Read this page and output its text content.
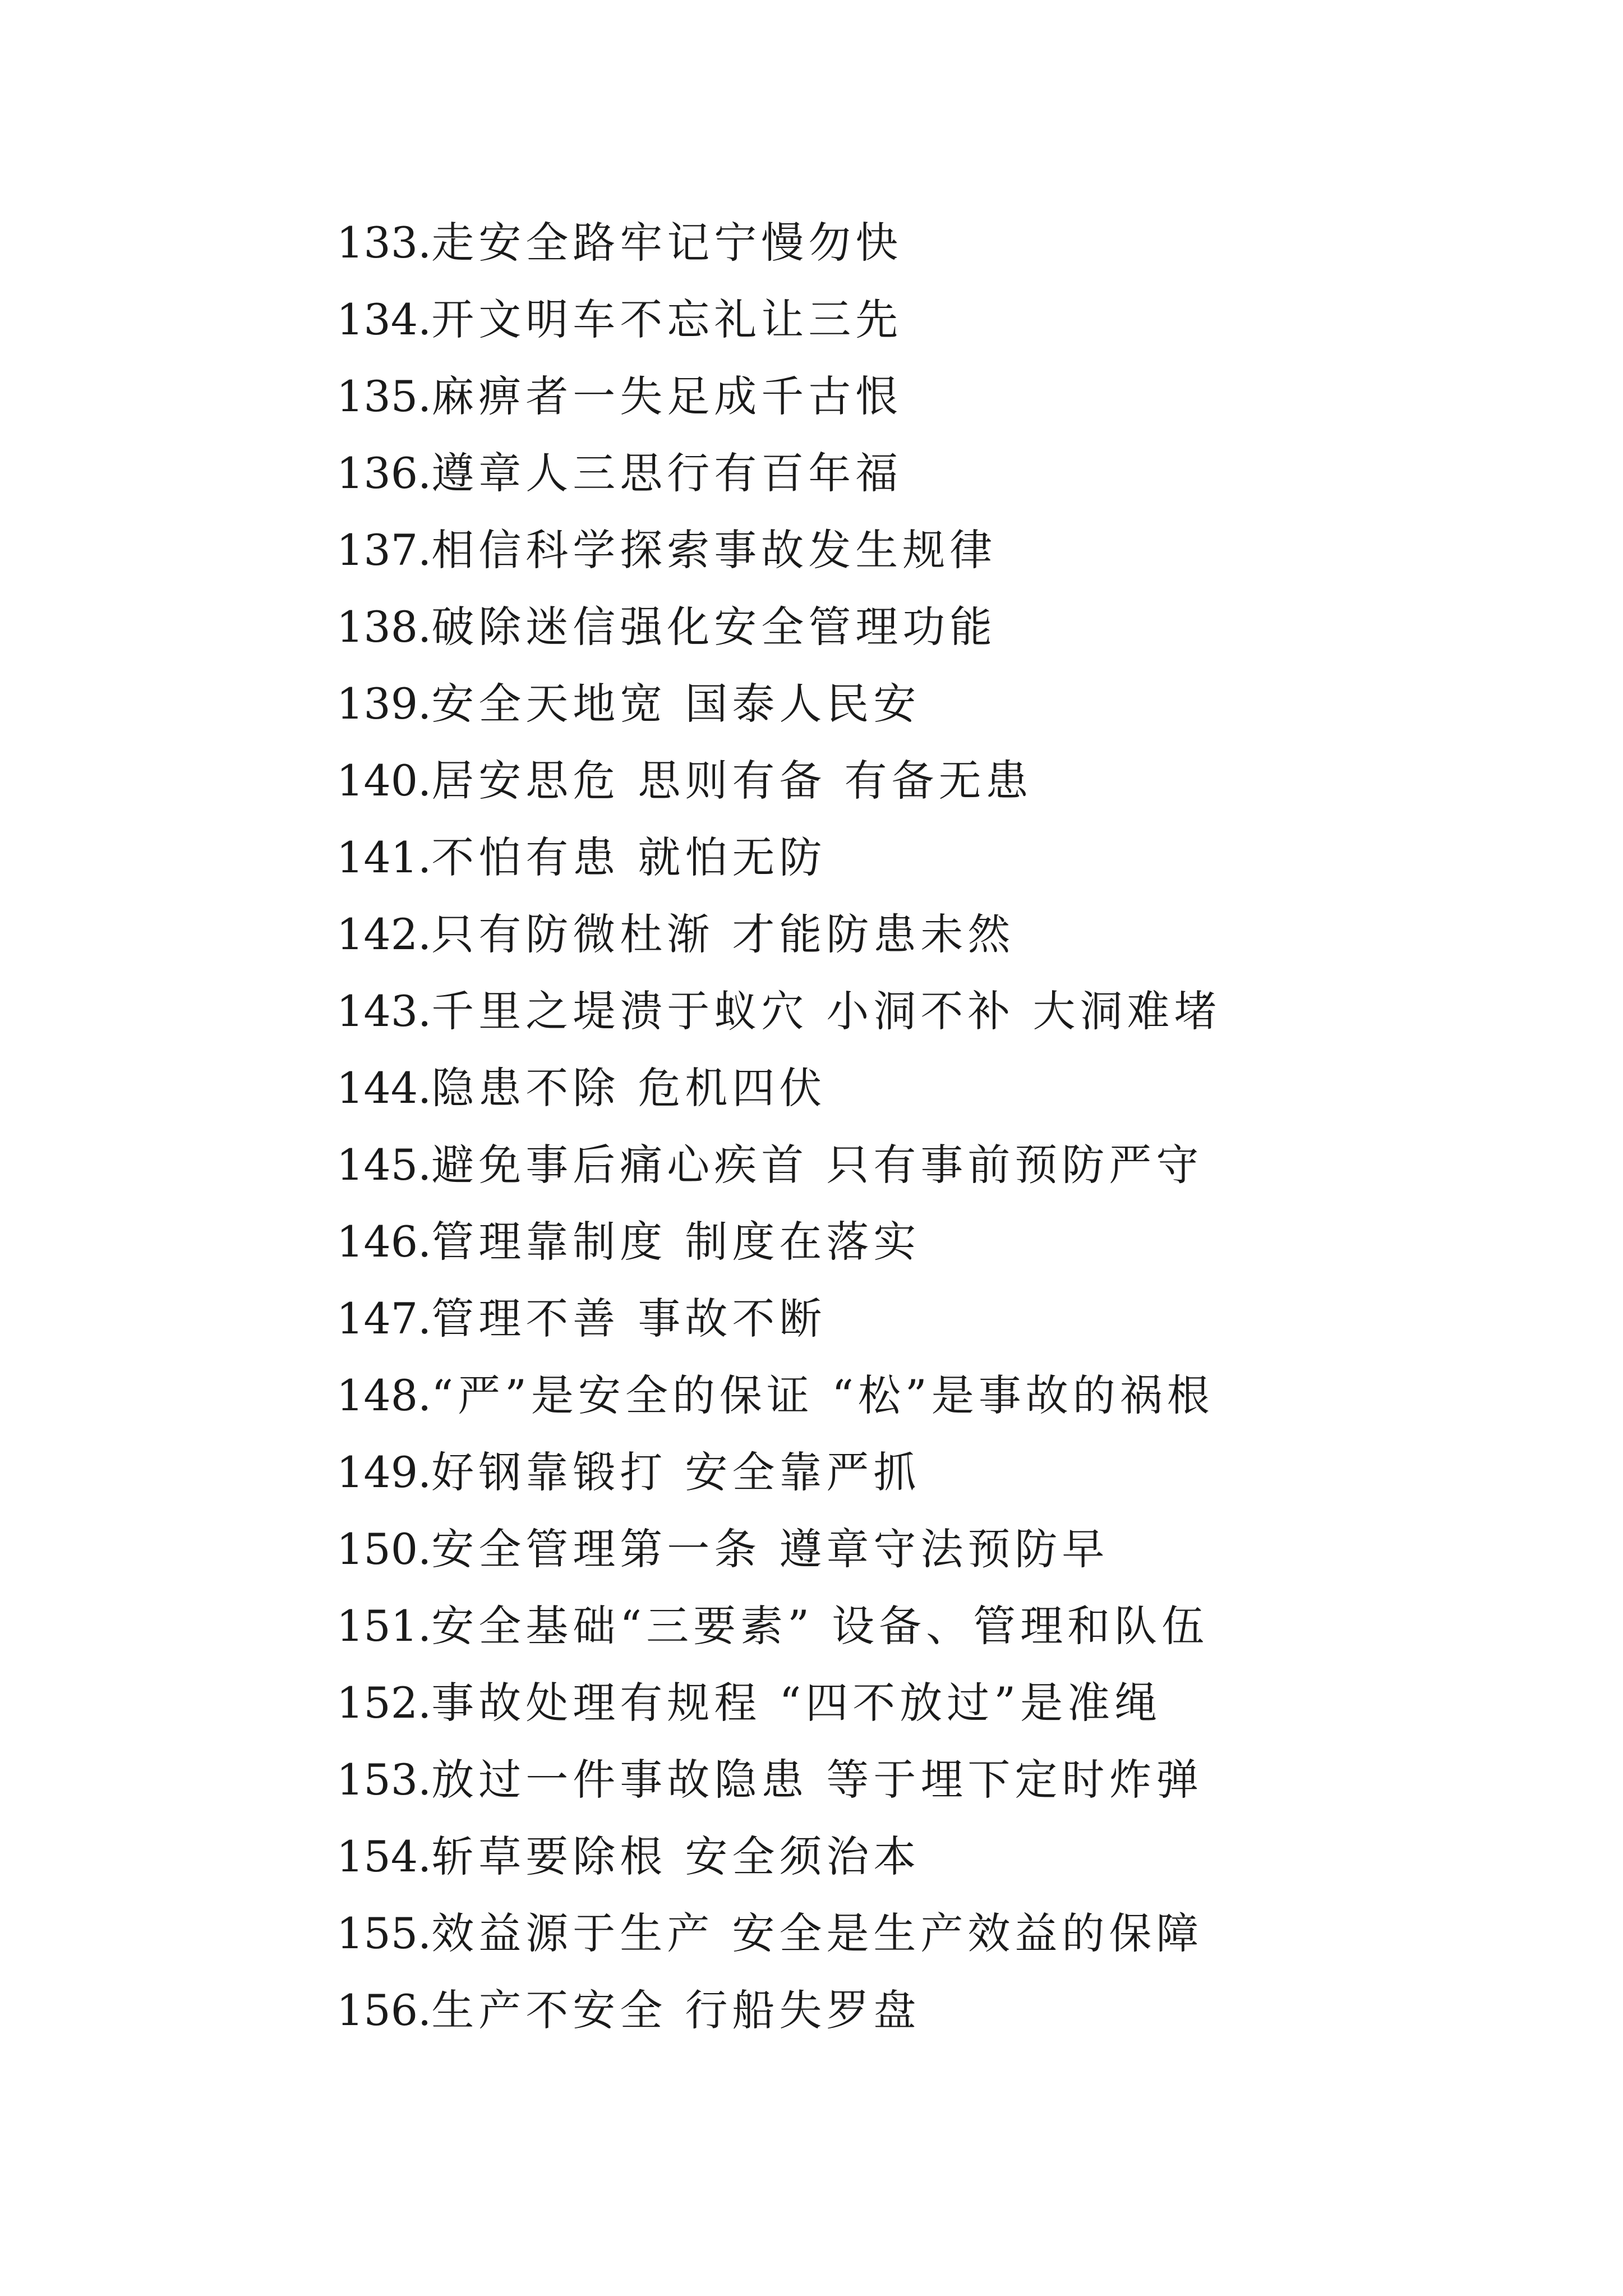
133.走安全路牢记宁慢勿快
134.开文明车不忘礼让三先
135.麻痹者一失足成千古恨
136.遵章人三思行有百年福
137.相信科学探索事故发生规律
138.破除迷信强化安全管理功能
139.安全天地宽 国泰人民安
140.居安思危 思则有备 有备无患
141.不怕有患 就怕无防
142.只有防微杜渐 才能防患未然
143.千里之堤溃于蚁穴 小洞不补 大洞难堵
144.隐患不除 危机四伏
145.避免事后痛心疾首 只有事前预防严守
146.管理靠制度 制度在落实
147.管理不善 事故不断
148.“严”是安全的保证 “松”是事故的祸根
149.好钢靠锻打 安全靠严抓
150.安全管理第一条 遵章守法预防早
151.安全基础“三要素” 设备、管理和队伍
152.事故处理有规程 “四不放过”是准绳
153.放过一件事故隐患 等于埋下定时炸弹
154.斩草要除根 安全须治本
155.效益源于生产 安全是生产效益的保障
156.生产不安全 行船失罗盘
